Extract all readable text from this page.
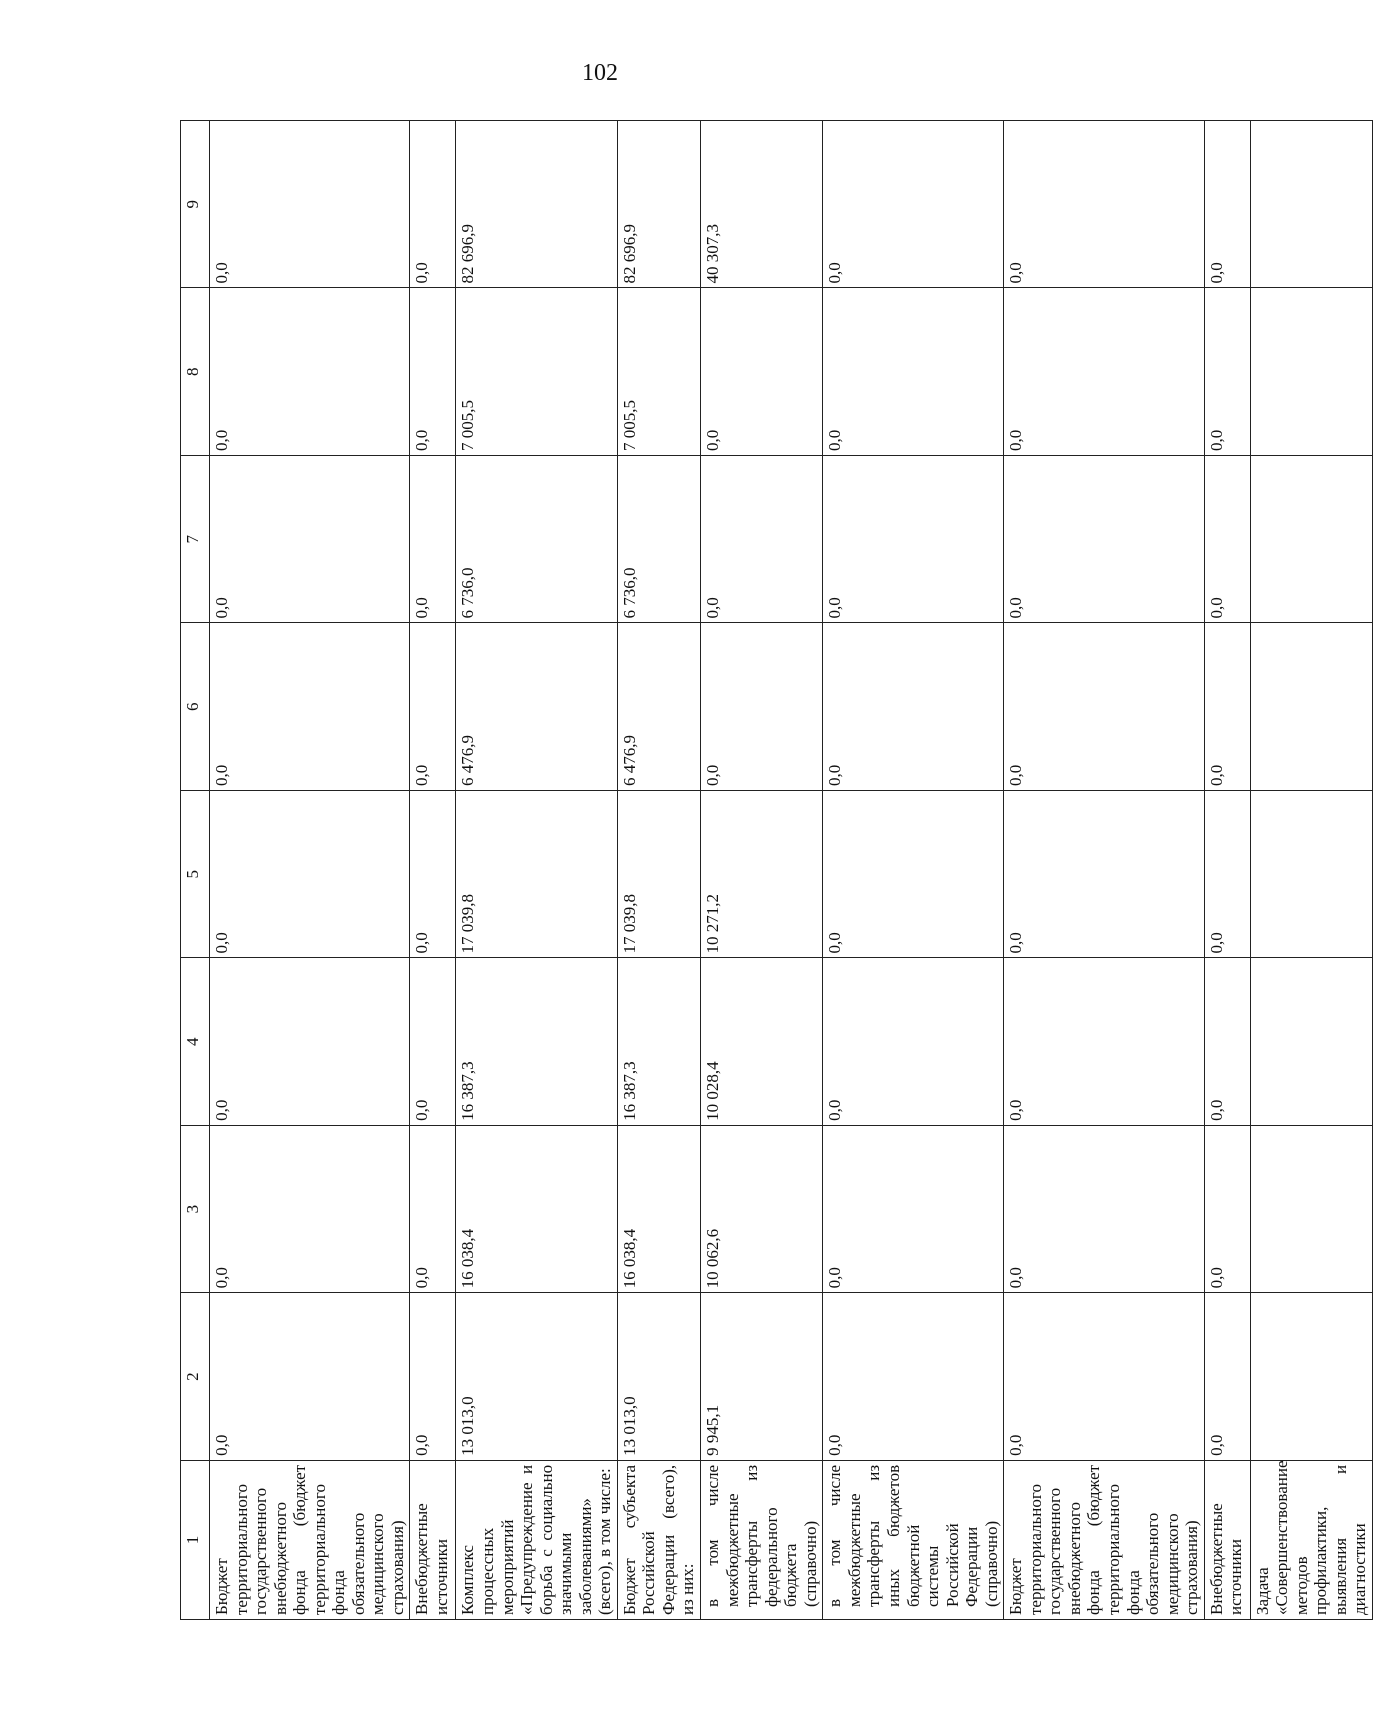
102
1	2	3	4	5	6	7	8	9
Бюджет территориального государственного внебюджетного фонда (бюджет территориального фонда обязательного медицинского страхования)	0,0	0,0	0,0	0,0	0,0	0,0	0,0	0,0
Внебюджетные источники	0,0	0,0	0,0	0,0	0,0	0,0	0,0	0,0
Комплекс процессных мероприятий «Предупреждение и борьба с социально значимыми заболеваниями» (всего), в том числе:	13 013,0	16 038,4	16 387,3	17 039,8	6 476,9	6 736,0	7 005,5	82 696,9
Бюджет субъекта Российской Федерации (всего), из них:	13 013,0	16 038,4	16 387,3	17 039,8	6 476,9	6 736,0	7 005,5	82 696,9
в том числе межбюджетные трансферты из федерального бюджета (справочно)	9 945,1	10 062,6	10 028,4	10 271,2	0,0	0,0	0,0	40 307,3
в том числе межбюджетные трансферты из иных бюджетов бюджетной системы Российской Федерации (справочно)	0,0	0,0	0,0	0,0	0,0	0,0	0,0	0,0
Бюджет территориального государственного внебюджетного фонда (бюджет территориального фонда обязательного медицинского страхования)	0,0	0,0	0,0	0,0	0,0	0,0	0,0	0,0
Внебюджетные источники	0,0	0,0	0,0	0,0	0,0	0,0	0,0	0,0
Задача «Совершенствование методов профилактики, выявления и диагностики								
